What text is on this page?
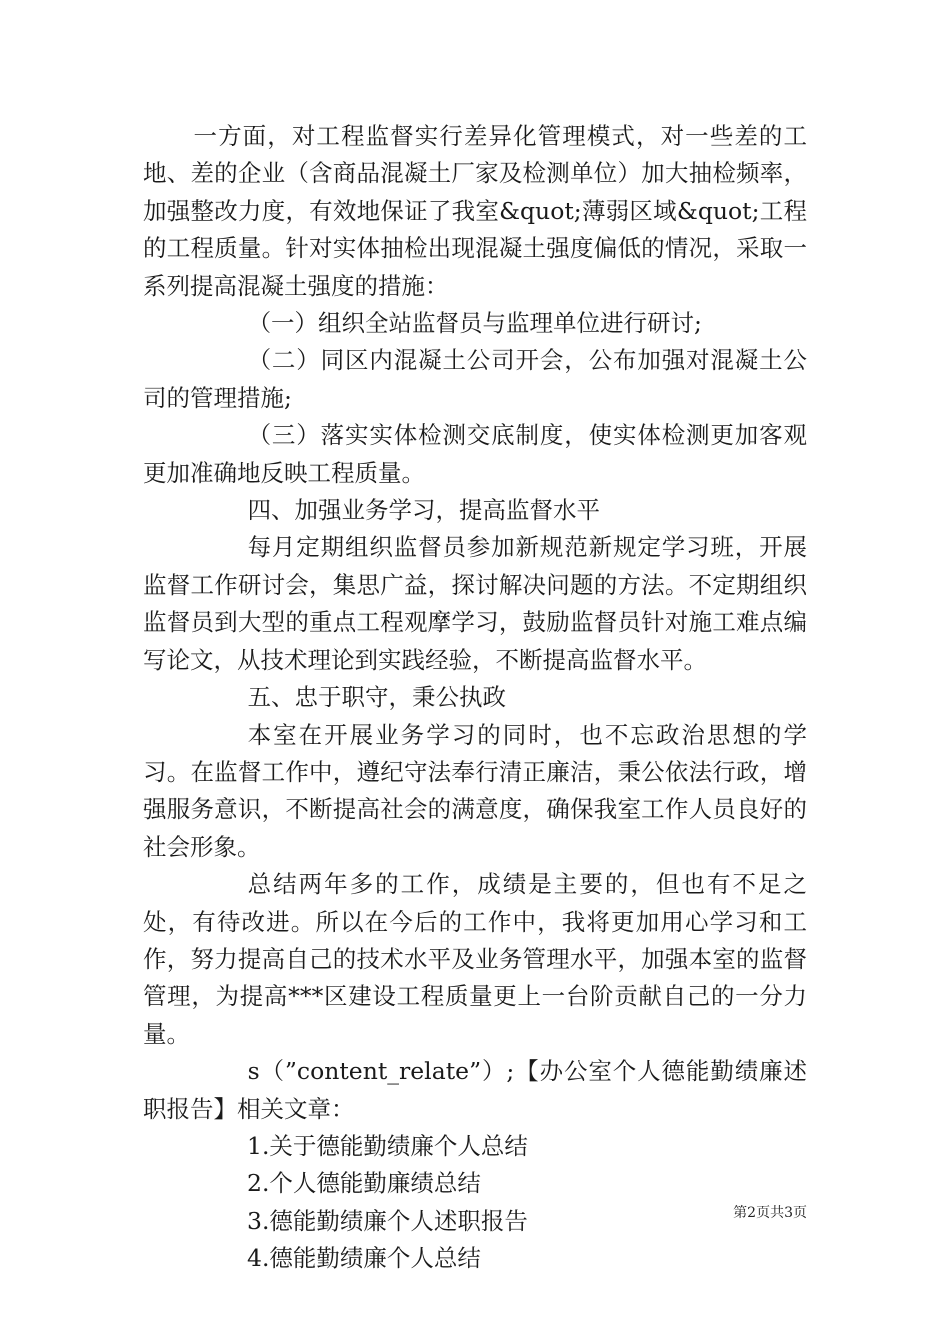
一方面，对工程监督实行差异化管理模式，对一些差的工地、差的企业（含商品混凝土厂家及检测单位）加大抽检频率，加强整改力度，有效地保证了我室&quot;薄弱区域&quot;工程的工程质量。针对实体抽检出现混凝土强度偏低的情况，采取一系列提高混凝土强度的措施：

（一）组织全站监督员与监理单位进行研讨;

（二）同区内混凝土公司开会，公布加强对混凝土公司的管理措施;

（三）落实实体检测交底制度，使实体检测更加客观更加准确地反映工程质量。

四、加强业务学习，提高监督水平

每月定期组织监督员参加新规范新规定学习班，开展监督工作研讨会，集思广益，探讨解决问题的方法。不定期组织监督员到大型的重点工程观摩学习，鼓励监督员针对施工难点编写论文，从技术理论到实践经验，不断提高监督水平。

五、忠于职守，秉公执政

本室在开展业务学习的同时，也不忘政治思想的学习。在监督工作中，遵纪守法奉行清正廉洁，秉公依法行政，增强服务意识，不断提高社会的满意度，确保我室工作人员良好的社会形象。

总结两年多的工作，成绩是主要的，但也有不足之处，有待改进。所以在今后的工作中，我将更加用心学习和工作，努力提高自己的技术水平及业务管理水平，加强本室的监督管理，为提高***区建设工程质量更上一台阶贡献自己的一分力量。

s（”content_relate”）;【办公室个人德能勤绩廉述职报告】相关文章：

1.关于德能勤绩廉个人总结

2.个人德能勤廉绩总结

3.德能勤绩廉个人述职报告

4.德能勤绩廉个人总结

第2页共3页
